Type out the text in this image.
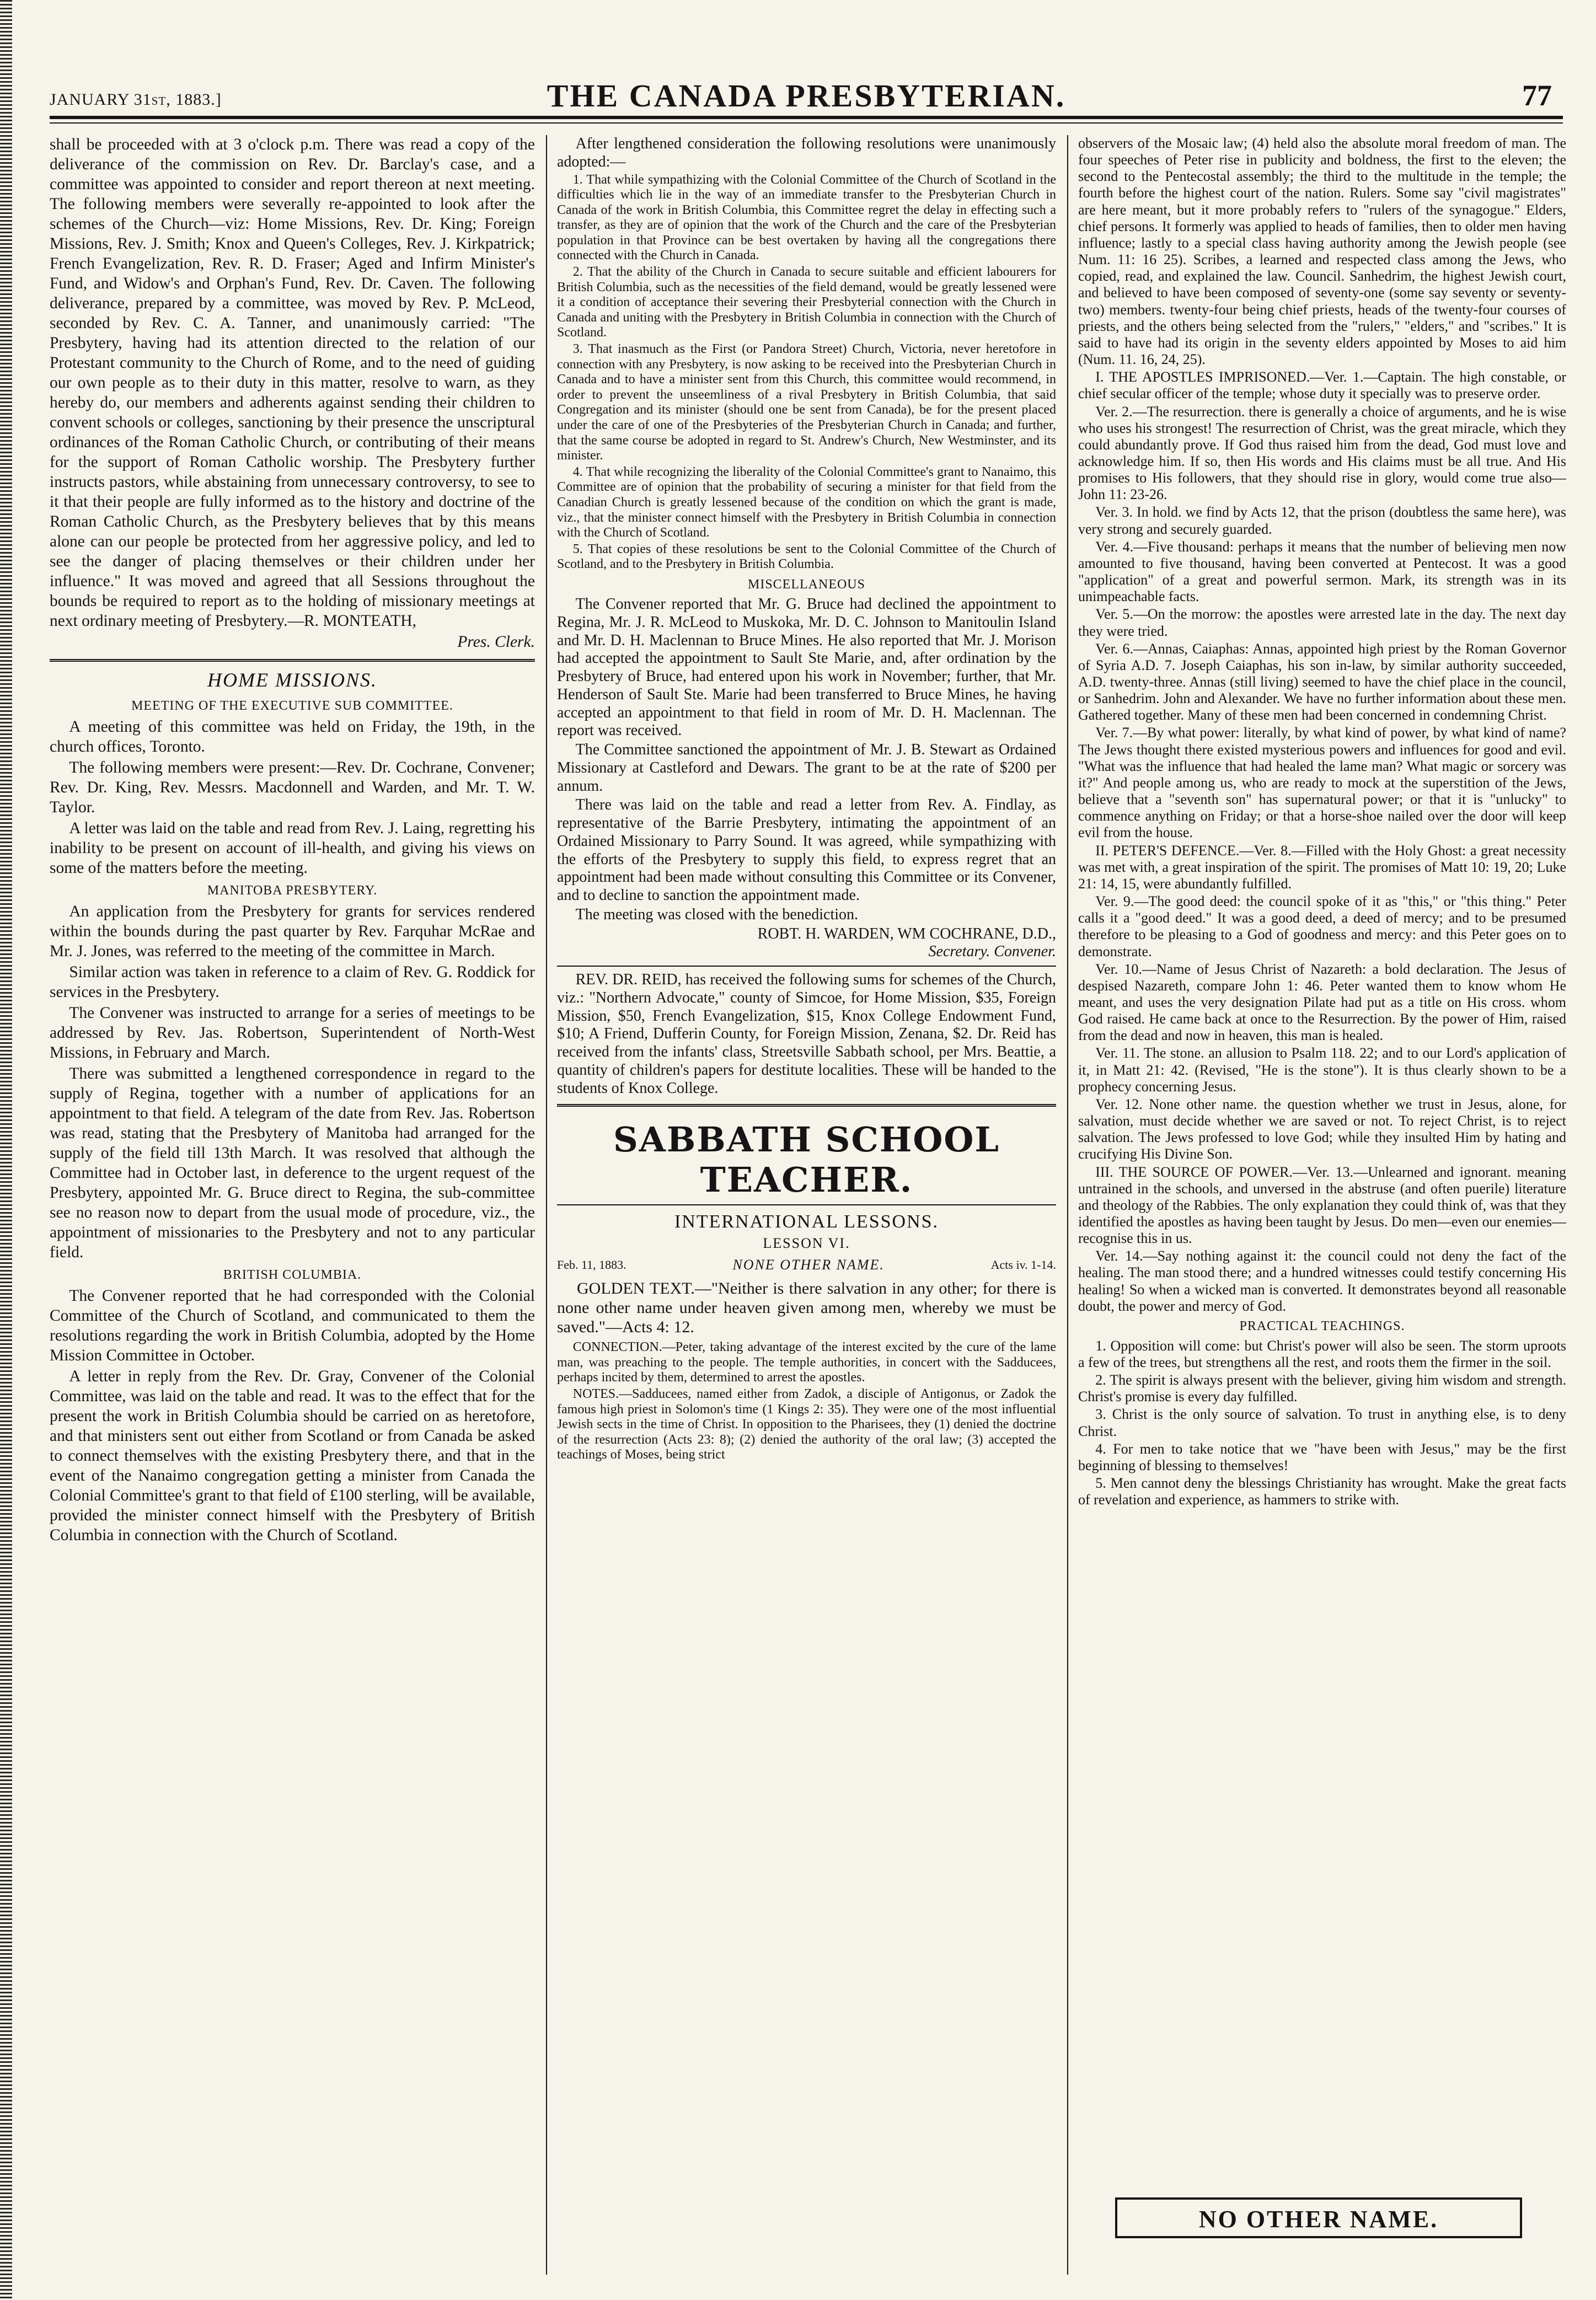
JANUARY 31st, 1883.]	THE CANADA PRESBYTERIAN.	77

shall be proceeded with at 3 o'clock p.m. There was read a copy of the deliverance of the commission on Rev. Dr. Barclay's case, and a committee was appointed to consider and report thereon at next meeting. The following members were severally re-appointed to look after the schemes of the Church—viz: Home Missions, Rev. Dr. King; Foreign Missions, Rev. J. Smith; Knox and Queen's Colleges, Rev. J. Kirkpatrick; French Evangelization, Rev. R. D. Fraser; Aged and Infirm Minister's Fund, and Widow's and Orphan's Fund, Rev. Dr. Caven. The following deliverance, prepared by a committee, was moved by Rev. P. McLeod, seconded by Rev. C. A. Tanner, and unanimously carried: "The Presbytery, having had its attention directed to the relation of our Protestant community to the Church of Rome, and to the need of guiding our own people as to their duty in this matter, resolve to warn, as they hereby do, our members and adherents against sending their children to convent schools or colleges, sanctioning by their presence the unscriptural ordinances of the Roman Catholic Church, or contributing of their means for the support of Roman Catholic worship. The Presbytery further instructs pastors, while abstaining from unnecessary controversy, to see to it that their people are fully informed as to the history and doctrine of the Roman Catholic Church, as the Presbytery believes that by this means alone can our people be protected from her aggressive policy, and led to see the danger of placing themselves or their children under her influence." It was moved and agreed that all Sessions throughout the bounds be required to report as to the holding of missionary meetings at next ordinary meeting of Presbytery.—R. MONTEATH,

Pres. Clerk.

HOME MISSIONS.
MEETING OF THE EXECUTIVE SUB COMMITTEE.

A meeting of this committee was held on Friday, the 19th, in the church offices, Toronto.

The following members were present:—Rev. Dr. Cochrane, Convener; Rev. Dr. King, Rev. Messrs. Macdonnell and Warden, and Mr. T. W. Taylor.

A letter was laid on the table and read from Rev. J. Laing, regretting his inability to be present on account of ill-health, and giving his views on some of the matters before the meeting.

MANITOBA PRESBYTERY.

An application from the Presbytery for grants for services rendered within the bounds during the past quarter by Rev. Farquhar McRae and Mr. J. Jones, was referred to the meeting of the committee in March.

Similar action was taken in reference to a claim of Rev. G. Roddick for services in the Presbytery.

The Convener was instructed to arrange for a series of meetings to be addressed by Rev. Jas. Robertson, Superintendent of North-West Missions, in February and March.

There was submitted a lengthened correspondence in regard to the supply of Regina, together with a number of applications for an appointment to that field. A telegram of the date from Rev. Jas. Robertson was read, stating that the Presbytery of Manitoba had arranged for the supply of the field till 13th March. It was resolved that although the Committee had in October last, in deference to the urgent request of the Presbytery, appointed Mr. G. Bruce direct to Regina, the sub-committee see no reason now to depart from the usual mode of procedure, viz., the appointment of missionaries to the Presbytery and not to any particular field.

BRITISH COLUMBIA.

The Convener reported that he had corresponded with the Colonial Committee of the Church of Scotland, and communicated to them the resolutions regarding the work in British Columbia, adopted by the Home Mission Committee in October.

A letter in reply from the Rev. Dr. Gray, Convener of the Colonial Committee, was laid on the table and read. It was to the effect that for the present the work in British Columbia should be carried on as heretofore, and that ministers sent out either from Scotland or from Canada be asked to connect themselves with the existing Presbytery there, and that in the event of the Nanaimo congregation getting a minister from Canada the Colonial Committee's grant to that field of £100 sterling, will be available, provided the minister connect himself with the Presbytery of British Columbia in connection with the Church of Scotland.

After lengthened consideration the following resolutions were unanimously adopted:—

1. That while sympathizing with the Colonial Committee of the Church of Scotland in the difficulties which lie in the way of an immediate transfer to the Presbyterian Church in Canada of the work in British Columbia, this Committee regret the delay in effecting such a transfer, as they are of opinion that the work of the Church and the care of the Presbyterian population in that Province can be best overtaken by having all the congregations there connected with the Church in Canada.

2. That the ability of the Church in Canada to secure suitable and efficient labourers for British Columbia, such as the necessities of the field demand, would be greatly lessened were it a condition of acceptance their severing their Presbyterial connection with the Church in Canada and uniting with the Presbytery in British Columbia in connection with the Church of Scotland.

3. That inasmuch as the First (or Pandora Street) Church, Victoria, never heretofore in connection with any Presbytery, is now asking to be received into the Presbyterian Church in Canada and to have a minister sent from this Church, this committee would recommend, in order to prevent the unseemliness of a rival Presbytery in British Columbia, that said Congregation and its minister (should one be sent from Canada), be for the present placed under the care of one of the Presbyteries of the Presbyterian Church in Canada; and further, that the same course be adopted in regard to St. Andrew's Church, New Westminster, and its minister.

4. That while recognizing the liberality of the Colonial Committee's grant to Nanaimo, this Committee are of opinion that the probability of securing a minister for that field from the Canadian Church is greatly lessened because of the condition on which the grant is made, viz., that the minister connect himself with the Presbytery in British Columbia in connection with the Church of Scotland.

5. That copies of these resolutions be sent to the Colonial Committee of the Church of Scotland, and to the Presbytery in British Columbia.

MISCELLANEOUS

The Convener reported that Mr. G. Bruce had declined the appointment to Regina, Mr. J. R. McLeod to Muskoka, Mr. D. C. Johnson to Manitoulin Island and Mr. D. H. Maclennan to Bruce Mines. He also reported that Mr. J. Morison had accepted the appointment to Sault Ste Marie, and, after ordination by the Presbytery of Bruce, had entered upon his work in November; further, that Mr. Henderson of Sault Ste. Marie had been transferred to Bruce Mines, he having accepted an appointment to that field in room of Mr. D. H. Maclennan. The report was received.

The Committee sanctioned the appointment of Mr. J. B. Stewart as Ordained Missionary at Castleford and Dewars. The grant to be at the rate of $200 per annum.

There was laid on the table and read a letter from Rev. A. Findlay, as representative of the Barrie Presbytery, intimating the appointment of an Ordained Missionary to Parry Sound. It was agreed, while sympathizing with the efforts of the Presbytery to supply this field, to express regret that an appointment had been made without consulting this Committee or its Convener, and to decline to sanction the appointment made.

The meeting was closed with the benediction.

ROBT. H. WARDEN, WM COCHRANE, D.D.,

Secretary. Convener.

REV. DR. REID, has received the following sums for schemes of the Church, viz.: "Northern Advocate," county of Simcoe, for Home Mission, $35, Foreign Mission, $50, French Evangelization, $15, Knox College Endowment Fund, $10; A Friend, Dufferin County, for Foreign Mission, Zenana, $2. Dr. Reid has received from the infants' class, Streetsville Sabbath school, per Mrs. Beattie, a quantity of children's papers for destitute localities. These will be handed to the students of Knox College.

SABBATH SCHOOL TEACHER.
INTERNATIONAL LESSONS.
LESSON VI.
Feb. 11, 1883.	NONE OTHER NAME.	Acts iv. 1-14.

GOLDEN TEXT.—"Neither is there salvation in any other; for there is none other name under heaven given among men, whereby we must be saved."—Acts 4: 12.

CONNECTION.—Peter, taking advantage of the interest excited by the cure of the lame man, was preaching to the people. The temple authorities, in concert with the Sadducees, perhaps incited by them, determined to arrest the apostles.

NOTES.—Sadducees, named either from Zadok, a disciple of Antigonus, or Zadok the famous high priest in Solomon's time (1 Kings 2: 35). They were one of the most influential Jewish sects in the time of Christ. In opposition to the Pharisees, they (1) denied the doctrine of the resurrection (Acts 23: 8); (2) denied the authority of the oral law; (3) accepted the teachings of Moses, being strict

observers of the Mosaic law; (4) held also the absolute moral freedom of man. The four speeches of Peter rise in publicity and boldness, the first to the eleven; the second to the Pentecostal assembly; the third to the multitude in the temple; the fourth before the highest court of the nation. Rulers. Some say "civil magistrates" are here meant, but it more probably refers to "rulers of the synagogue." Elders, chief persons. It formerly was applied to heads of families, then to older men having influence; lastly to a special class having authority among the Jewish people (see Num. 11: 16 25). Scribes, a learned and respected class among the Jews, who copied, read, and explained the law. Council. Sanhedrim, the highest Jewish court, and believed to have been composed of seventy-one (some say seventy or seventy-two) members. twenty-four being chief priests, heads of the twenty-four courses of priests, and the others being selected from the "rulers," "elders," and "scribes." It is said to have had its origin in the seventy elders appointed by Moses to aid him (Num. 11. 16, 24, 25).

I. THE APOSTLES IMPRISONED.—Ver. 1.—Captain. The high constable, or chief secular officer of the temple; whose duty it specially was to preserve order.

Ver. 2.—The resurrection. there is generally a choice of arguments, and he is wise who uses his strongest! The resurrection of Christ, was the great miracle, which they could abundantly prove. If God thus raised him from the dead, God must love and acknowledge him. If so, then His words and His claims must be all true. And His promises to His followers, that they should rise in glory, would come true also—John 11: 23-26.

Ver. 3. In hold. we find by Acts 12, that the prison (doubtless the same here), was very strong and securely guarded.

Ver. 4.—Five thousand: perhaps it means that the number of believing men now amounted to five thousand, having been converted at Pentecost. It was a good "application" of a great and powerful sermon. Mark, its strength was in its unimpeachable facts.

Ver. 5.—On the morrow: the apostles were arrested late in the day. The next day they were tried.

Ver. 6.—Annas, Caiaphas: Annas, appointed high priest by the Roman Governor of Syria A.D. 7. Joseph Caiaphas, his son in-law, by similar authority succeeded, A.D. twenty-three. Annas (still living) seemed to have the chief place in the council, or Sanhedrim. John and Alexander. We have no further information about these men. Gathered together. Many of these men had been concerned in condemning Christ.

Ver. 7.—By what power: literally, by what kind of power, by what kind of name? The Jews thought there existed mysterious powers and influences for good and evil. "What was the influence that had healed the lame man? What magic or sorcery was it?" And people among us, who are ready to mock at the superstition of the Jews, believe that a "seventh son" has supernatural power; or that it is "unlucky" to commence anything on Friday; or that a horse-shoe nailed over the door will keep evil from the house.

II. PETER'S DEFENCE.—Ver. 8.—Filled with the Holy Ghost: a great necessity was met with, a great inspiration of the spirit. The promises of Matt 10: 19, 20; Luke 21: 14, 15, were abundantly fulfilled.

Ver. 9.—The good deed: the council spoke of it as "this," or "this thing." Peter calls it a "good deed." It was a good deed, a deed of mercy; and to be presumed therefore to be pleasing to a God of goodness and mercy: and this Peter goes on to demonstrate.

Ver. 10.—Name of Jesus Christ of Nazareth: a bold declaration. The Jesus of despised Nazareth, compare John 1: 46. Peter wanted them to know whom He meant, and uses the very designation Pilate had put as a title on His cross. whom God raised. He came back at once to the Resurrection. By the power of Him, raised from the dead and now in heaven, this man is healed.

Ver. 11. The stone. an allusion to Psalm 118. 22; and to our Lord's application of it, in Matt 21: 42. (Revised, "He is the stone"). It is thus clearly shown to be a prophecy concerning Jesus.

Ver. 12. None other name. the question whether we trust in Jesus, alone, for salvation, must decide whether we are saved or not. To reject Christ, is to reject salvation. The Jews professed to love God; while they insulted Him by hating and crucifying His Divine Son.

III. THE SOURCE OF POWER.—Ver. 13.—Unlearned and ignorant. meaning untrained in the schools, and unversed in the abstruse (and often puerile) literature and theology of the Rabbies. The only explanation they could think of, was that they identified the apostles as having been taught by Jesus. Do men—even our enemies—recognise this in us.

Ver. 14.—Say nothing against it: the council could not deny the fact of the healing. The man stood there; and a hundred witnesses could testify concerning His healing! So when a wicked man is converted. It demonstrates beyond all reasonable doubt, the power and mercy of God.

PRACTICAL TEACHINGS.

1. Opposition will come: but Christ's power will also be seen. The storm uproots a few of the trees, but strengthens all the rest, and roots them the firmer in the soil.

2. The spirit is always present with the believer, giving him wisdom and strength. Christ's promise is every day fulfilled.

3. Christ is the only source of salvation. To trust in anything else, is to deny Christ.

4. For men to take notice that we "have been with Jesus," may be the first beginning of blessing to themselves!

5. Men cannot deny the blessings Christianity has wrought. Make the great facts of revelation and experience, as hammers to strike with.

NO OTHER NAME.
